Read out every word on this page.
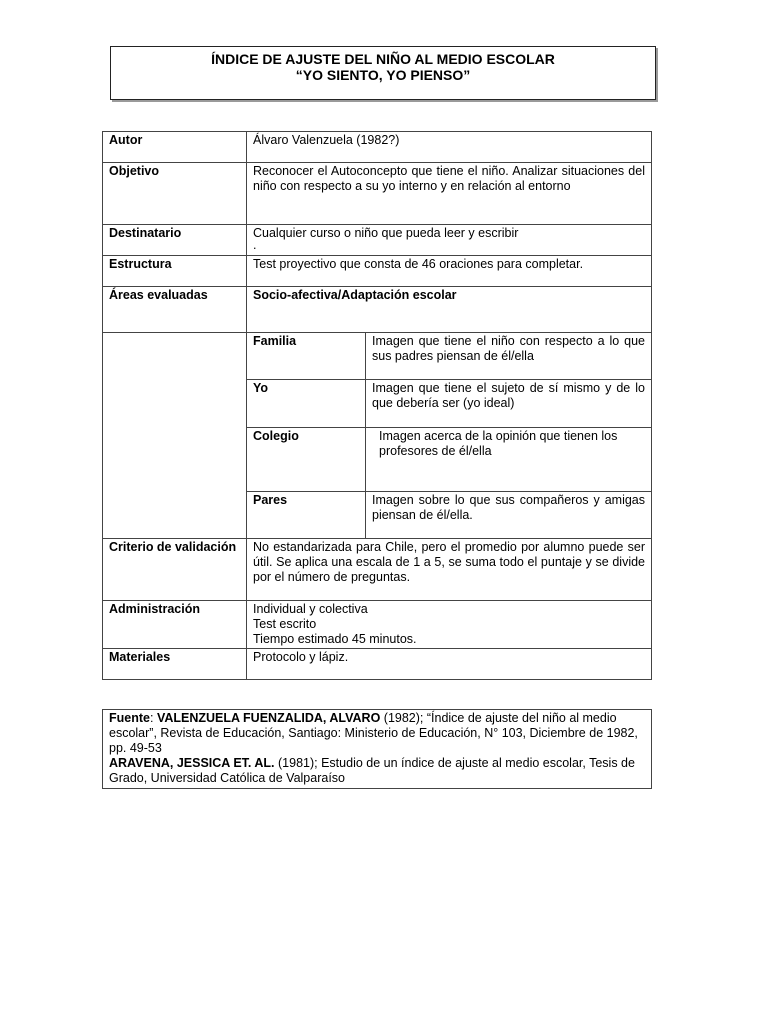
ÍNDICE DE AJUSTE DEL NIÑO AL MEDIO ESCOLAR
“YO SIENTO, YO PIENSO”
Autor	Álvaro Valenzuela (1982?)	
Objetivo	Reconocer el Autoconcepto que tiene el niño. Analizar situaciones del niño con respecto a su yo interno y en relación al entorno	
Destinatario	Cualquier curso o niño que pueda leer y escribir
.	

Estructura	Test proyectivo que consta de 46 oraciones para completar.	
Áreas evaluadas	Socio-afectiva/Adaptación escolar	
	Familia	Imagen que tiene el niño con respecto a lo que sus padres piensan de él/ella
	Yo	Imagen que tiene el sujeto de sí mismo y de lo que debería ser (yo ideal)
	Colegio	Imagen acerca de la opinión que tienen los profesores de él/ella
	Pares	Imagen sobre lo que sus compañeros y amigas piensan de él/ella.
Criterio de validación	No estandarizada para Chile, pero el promedio por alumno puede ser útil. Se aplica una escala de 1 a 5, se suma todo el puntaje y se divide por el número de preguntas.	
Administración	Individual y colectiva
Test escrito
Tiempo estimado 45 minutos.	

Materiales	Protocolo y lápiz.	
Fuente: VALENZUELA FUENZALIDA, ALVARO (1982); “Índice de ajuste del niño al medio escolar”, Revista de Educación, Santiago: Ministerio de Educación, N° 103, Diciembre de 1982, pp. 49-53
ARAVENA, JESSICA ET. AL. (1981); Estudio de un índice de ajuste al medio escolar, Tesis de Grado, Universidad Católica de Valparaíso
